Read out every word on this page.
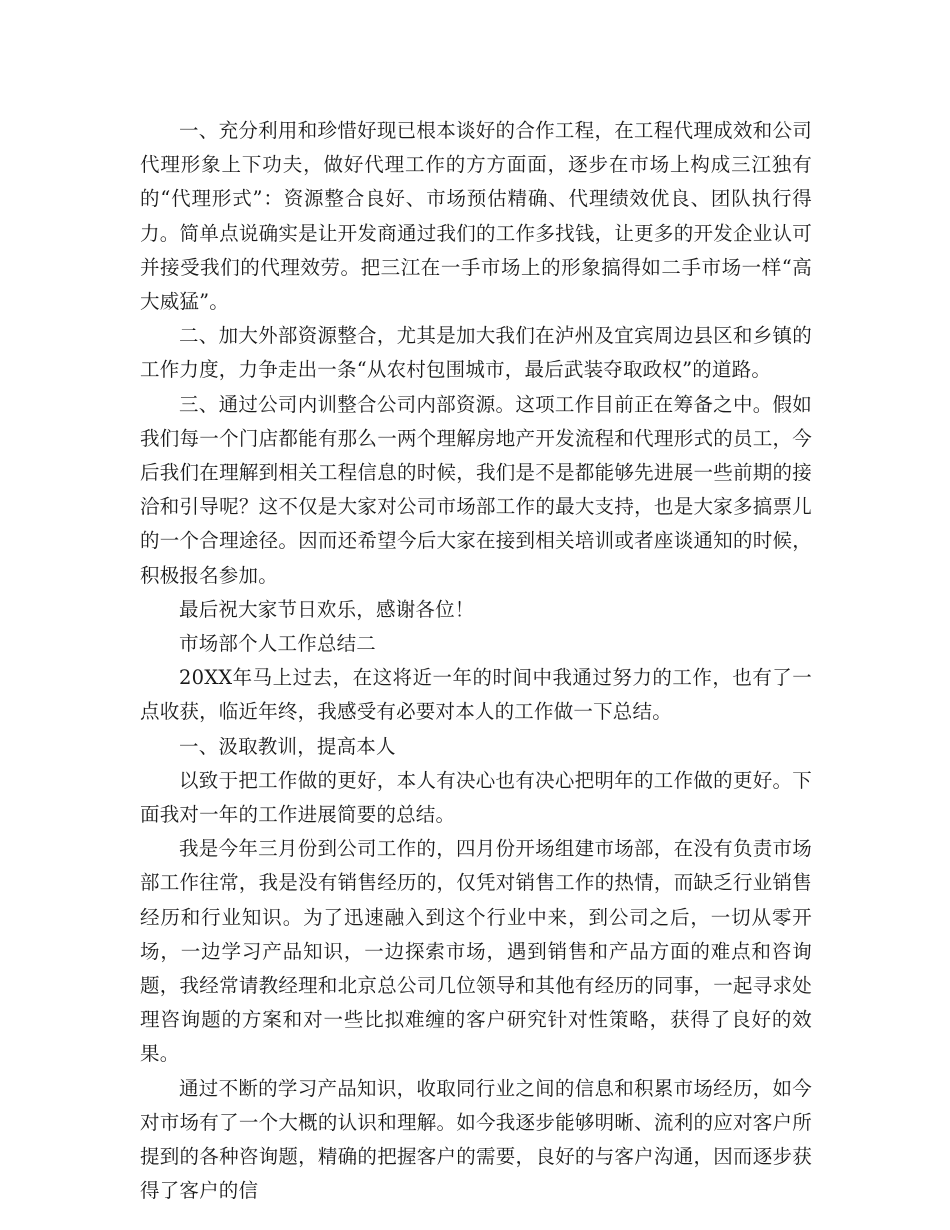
一、充分利用和珍惜好现已根本谈好的合作工程，在工程代理成效和公司代理形象上下功夫，做好代理工作的方方面面，逐步在市场上构成三江独有的“代理形式”：资源整合良好、市场预估精确、代理绩效优良、团队执行得力。简单点说确实是让开发商通过我们的工作多找钱，让更多的开发企业认可并接受我们的代理效劳。把三江在一手市场上的形象搞得如二手市场一样“高大威猛”。

二、加大外部资源整合，尤其是加大我们在泸州及宜宾周边县区和乡镇的工作力度，力争走出一条“从农村包围城市，最后武装夺取政权”的道路。

三、通过公司内训整合公司内部资源。这项工作目前正在筹备之中。假如我们每一个门店都能有那么一两个理解房地产开发流程和代理形式的员工，今后我们在理解到相关工程信息的时候，我们是不是都能够先进展一些前期的接洽和引导呢？这不仅是大家对公司市场部工作的最大支持，也是大家多搞票儿的一个合理途径。因而还希望今后大家在接到相关培训或者座谈通知的时候，积极报名参加。

最后祝大家节日欢乐，感谢各位！

市场部个人工作总结二

20XX年马上过去，在这将近一年的时间中我通过努力的工作，也有了一点收获，临近年终，我感受有必要对本人的工作做一下总结。

一、汲取教训，提高本人

以致于把工作做的更好，本人有决心也有决心把明年的工作做的更好。下面我对一年的工作进展简要的总结。

我是今年三月份到公司工作的，四月份开场组建市场部，在没有负责市场部工作往常，我是没有销售经历的，仅凭对销售工作的热情，而缺乏行业销售经历和行业知识。为了迅速融入到这个行业中来，到公司之后，一切从零开场，一边学习产品知识，一边探索市场，遇到销售和产品方面的难点和咨询题，我经常请教经理和北京总公司几位领导和其他有经历的同事，一起寻求处理咨询题的方案和对一些比拟难缠的客户研究针对性策略，获得了良好的效果。

通过不断的学习产品知识，收取同行业之间的信息和积累市场经历，如今对市场有了一个大概的认识和理解。如今我逐步能够明晰、流利的应对客户所提到的各种咨询题，精确的把握客户的需要，良好的与客户沟通，因而逐步获得了客户的信
